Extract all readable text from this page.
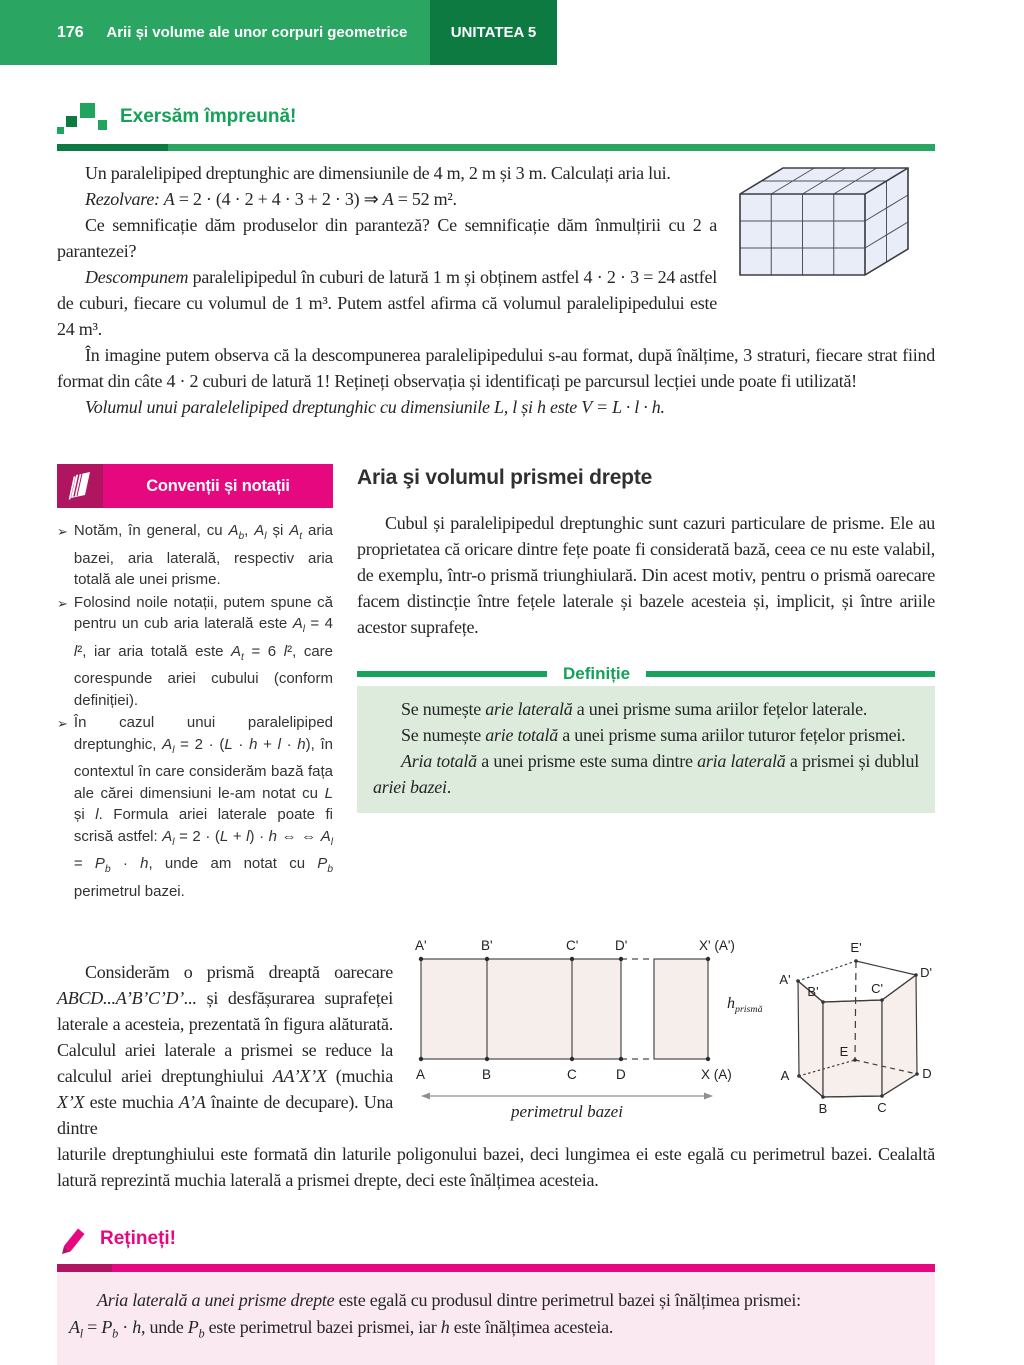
176	Arii și volume ale unor corpuri geometrice	UNITATEA 5
Exersăm împreună!

Un paralelipiped dreptunghic are dimensiunile de 4 m, 2 m și 3 m. Calculați aria lui.

Rezolvare: A = 2 · (4 · 2 + 4 · 3 + 2 · 3) ⇒ A = 52 m².

Ce semnificație dăm produselor din paranteză? Ce semnificație dăm înmulțirii cu 2 a parantezei?

Descompunem paralelipipedul în cuburi de latură 1 m și obținem astfel 4 · 2 · 3 = 24 astfel de cuburi, fiecare cu volumul de 1 m³. Putem astfel afirma că volumul paralelipipedului este 24 m³.

În imagine putem observa că la descompunerea paralelipipedului s-au format, după înălțime, 3 straturi, fiecare strat fiind format din câte 4 · 2 cuburi de latură 1! Rețineți observația și identificați pe parcursul lecției unde poate fi utilizată!

Volumul unui paralelelipiped dreptunghic cu dimensiunile L, l și h este V = L · l · h.

Convenții și notații
➢ Notăm, în general, cu $A_b$, $A_l$ și $A_t$ aria bazei, aria laterală, respectiv aria totală ale unei prisme.
➢ Folosind noile notații, putem spune că pentru un cub aria laterală este $A_l = 4$ l², iar aria totală este $A_t = 6$ l², care corespunde ariei cubului (conform definiției).
➢ În cazul unui paralelipiped dreptunghic, $A_l = 2 \cdot (L \cdot h + l \cdot h)$, în contextul în care considerăm bază fața ale cărei dimensiuni le-am notat cu L și l. Formula ariei laterale poate fi scrisă astfel: $A_l = 2 \cdot (L + l) \cdot h$ ⇔ ⇔ $A_l = P_b \cdot h$, unde am notat cu $P_b$ perimetrul bazei.
Aria şi volumul prismei drepte

Cubul și paralelipipedul dreptunghic sunt cazuri particulare de prisme. Ele au proprietatea că oricare dintre fețe poate fi considerată bază, ceea ce nu este valabil, de exemplu, într-o prismă triunghiulară. Din acest motiv, pentru o prismă oarecare facem distincție între fețele laterale și bazele acesteia și, implicit, și între ariile acestor suprafețe.

Definiție

Se numește arie laterală a unei prisme suma ariilor fețelor laterale.

Se numește arie totală a unei prisme suma ariilor tuturor fețelor prismei.

Aria totală a unei prisme este suma dintre aria laterală a prismei și dublul ariei bazei.

Considerăm o prismă dreaptă oarecare ABCD...A’B’C’D’... și desfășurarea suprafeței laterale a acesteia, prezentată în figura alăturată. Calculul ariei laterale a prismei se reduce la calculul ariei dreptunghiului AA’X’X (muchia X’X este muchia A’A înainte de decupare). Una dintre

A'	B'	C'	D'	X' (A')
A	B	C	D	X (A)
perimetrul bazei
$h_{prismă}$
E'
A'	D'
B'	C'
E
A	D
B	C

laturile dreptunghiului este formată din laturile poligonului bazei, deci lungimea ei este egală cu perimetrul bazei. Cealaltă latură reprezintă muchia laterală a prismei drepte, deci este înălțimea acesteia.

Rețineți!

Aria laterală a unei prisme drepte este egală cu produsul dintre perimetrul bazei și înălțimea prismei:

$A_l = P_b \cdot h$, unde $P_b$ este perimetrul bazei prismei, iar h este înălțimea acesteia.
